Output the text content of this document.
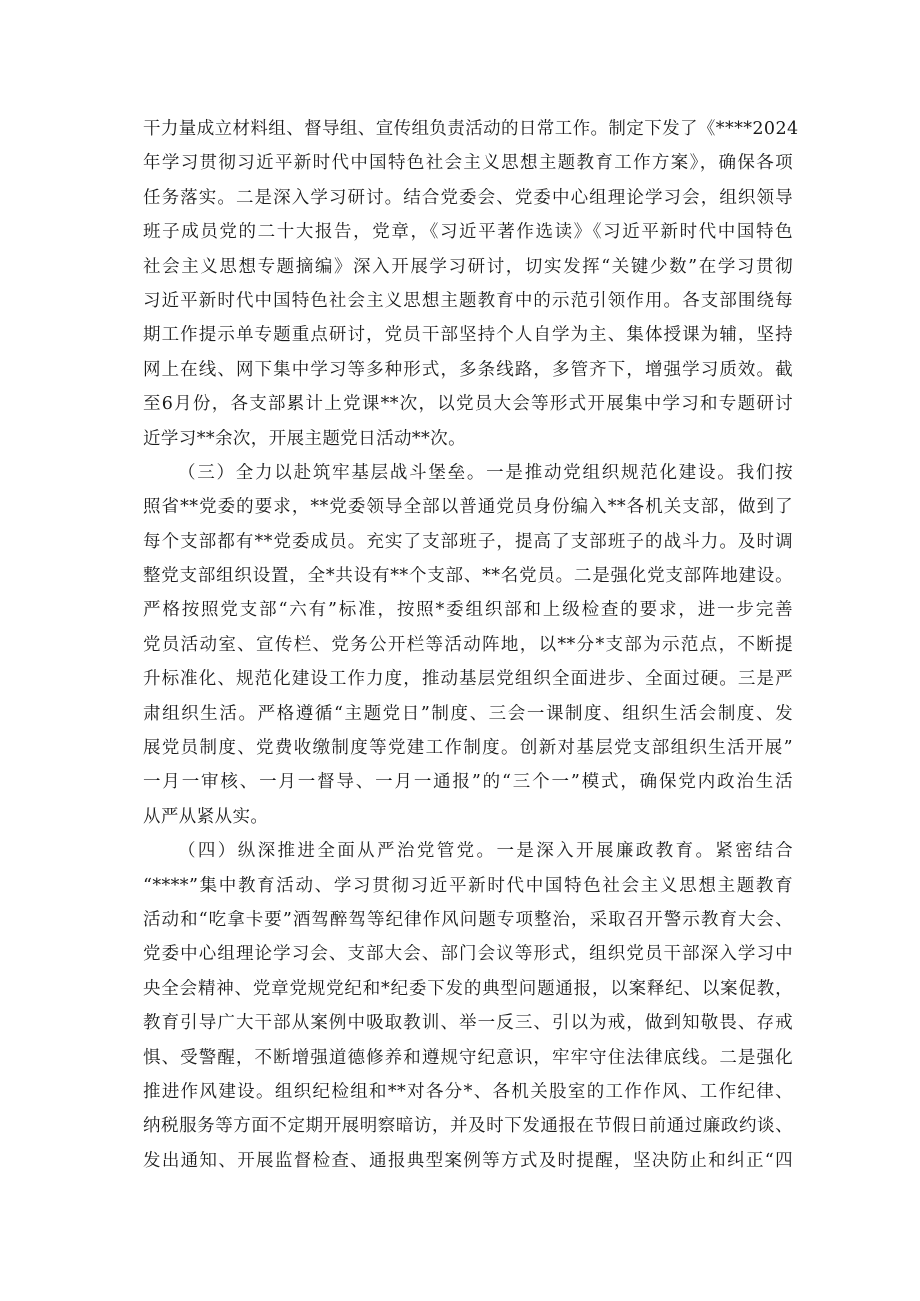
干力量成立材料组、督导组、宣传组负责活动的日常工作。制定下发了《****2024
年学习贯彻习近平新时代中国特色社会主义思想主题教育工作方案》，确保各项
任务落实。二是深入学习研讨。结合党委会、党委中心组理论学习会，组织领导
班子成员党的二十大报告，党章，《习近平著作选读》《习近平新时代中国特色
社会主义思想专题摘编》深入开展学习研讨，切实发挥“关键少数”在学习贯彻
习近平新时代中国特色社会主义思想主题教育中的示范引领作用。各支部围绕每
期工作提示单专题重点研讨，党员干部坚持个人自学为主、集体授课为辅，坚持
网上在线、网下集中学习等多种形式，多条线路，多管齐下，增强学习质效。截
至6月份，各支部累计上党课**次，以党员大会等形式开展集中学习和专题研讨
近学习**余次，开展主题党日活动**次。
（三）全力以赴筑牢基层战斗堡垒。一是推动党组织规范化建设。我们按
照省**党委的要求，**党委领导全部以普通党员身份编入**各机关支部，做到了
每个支部都有**党委成员。充实了支部班子，提高了支部班子的战斗力。及时调
整党支部组织设置，全*共设有**个支部、**名党员。二是强化党支部阵地建设。
严格按照党支部“六有”标准，按照*委组织部和上级检查的要求，进一步完善
党员活动室、宣传栏、党务公开栏等活动阵地，以**分*支部为示范点，不断提
升标准化、规范化建设工作力度，推动基层党组织全面进步、全面过硬。三是严
肃组织生活。严格遵循“主题党日”制度、三会一课制度、组织生活会制度、发
展党员制度、党费收缴制度等党建工作制度。创新对基层党支部组织生活开展”
一月一审核、一月一督导、一月一通报”的“三个一”模式，确保党内政治生活
从严从紧从实。
（四）纵深推进全面从严治党管党。一是深入开展廉政教育。紧密结合
“****”集中教育活动、学习贯彻习近平新时代中国特色社会主义思想主题教育
活动和“吃拿卡要”酒驾醉驾等纪律作风问题专项整治，采取召开警示教育大会、
党委中心组理论学习会、支部大会、部门会议等形式，组织党员干部深入学习中
央全会精神、党章党规党纪和*纪委下发的典型问题通报，以案释纪、以案促教，
教育引导广大干部从案例中吸取教训、举一反三、引以为戒，做到知敬畏、存戒
惧、受警醒，不断增强道德修养和遵规守纪意识，牢牢守住法律底线。二是强化
推进作风建设。组织纪检组和**对各分*、各机关股室的工作作风、工作纪律、
纳税服务等方面不定期开展明察暗访，并及时下发通报在节假日前通过廉政约谈、
发出通知、开展监督检查、通报典型案例等方式及时提醒，坚决防止和纠正“四
